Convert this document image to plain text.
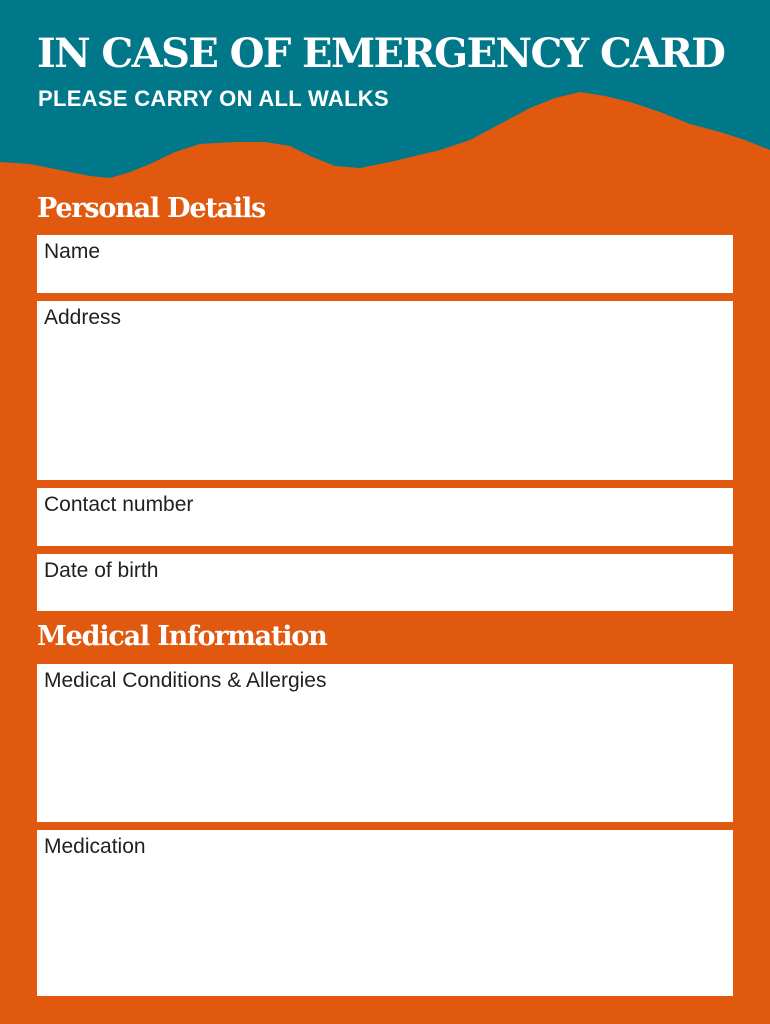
IN CASE OF EMERGENCY CARD
PLEASE CARRY ON ALL WALKS
Personal Details
Name
Address
Contact number
Date of birth
Medical Information
Medical Conditions & Allergies
Medication
